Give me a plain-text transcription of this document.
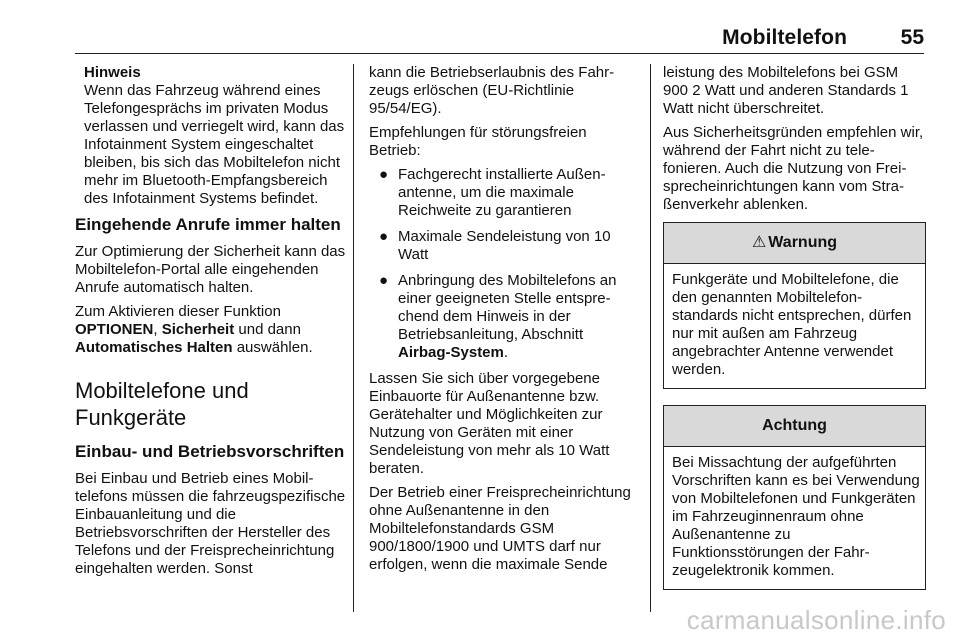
Mobiltelefon	55
Hinweis
Wenn das Fahrzeug während eines Telefongesprächs im privaten Modus verlassen und verriegelt wird, kann das Infotainment System eingeschaltet bleiben, bis sich das Mobiltelefon nicht mehr im Bluetooth-Empfangsbereich des Infotainment Systems befindet.
Eingehende Anrufe immer halten

Zur Optimierung der Sicherheit kann das Mobiltelefon-Portal alle eingehenden Anrufe automatisch halten.

Zum Aktivieren dieser Funktion OPTIONEN, Sicherheit und dann Automatisches Halten auswählen.

Mobiltelefone und Funkgeräte
Einbau- und Betriebsvorschriften

Bei Einbau und Betrieb eines Mobiltelefons müssen die fahrzeugspezifische Einbauanleitung und die Betriebsvorschriften der Hersteller des Telefons und der Freisprecheinrichtung eingehalten werden. Sonst

kann die Betriebserlaubnis des Fahrzeugs erlöschen (EU-Richtlinie 95/54/EG).

Empfehlungen für störungsfreien Betrieb:

● Fachgerecht installierte Außenantenne, um die maximale Reichweite zu garantieren
● Maximale Sendeleistung von 10 Watt
● Anbringung des Mobiltelefons an einer geeigneten Stelle entsprechend dem Hinweis in der Betriebsanleitung, Abschnitt Airbag-System.

Lassen Sie sich über vorgegebene Einbauorte für Außenantenne bzw. Gerätehalter und Möglichkeiten zur Nutzung von Geräten mit einer Sendeleistung von mehr als 10 Watt beraten.

Der Betrieb einer Freisprecheinrichtung ohne Außenantenne in den Mobiltelefonstandards GSM 900/1800/1900 und UMTS darf nur erfolgen, wenn die maximale Sende

leistung des Mobiltelefons bei GSM 900 2 Watt und anderen Standards 1 Watt nicht überschreitet.

Aus Sicherheitsgründen empfehlen wir, während der Fahrt nicht zu telefonieren. Auch die Nutzung von Freisprecheinrichtungen kann vom Straßenverkehr ablenken.

⚠ Warnung
Funkgeräte und Mobiltelefone, die den genannten Mobiltelefonstandards nicht entsprechen, dürfen nur mit außen am Fahrzeug angebrachter Antenne verwendet werden.
Achtung
Bei Missachtung der aufgeführten Vorschriften kann es bei Verwendung von Mobiltelefonen und Funkgeräten im Fahrzeuginnenraum ohne Außenantenne zu Funktionsstörungen der Fahrzeugelektronik kommen.
carmanualsonline.info
